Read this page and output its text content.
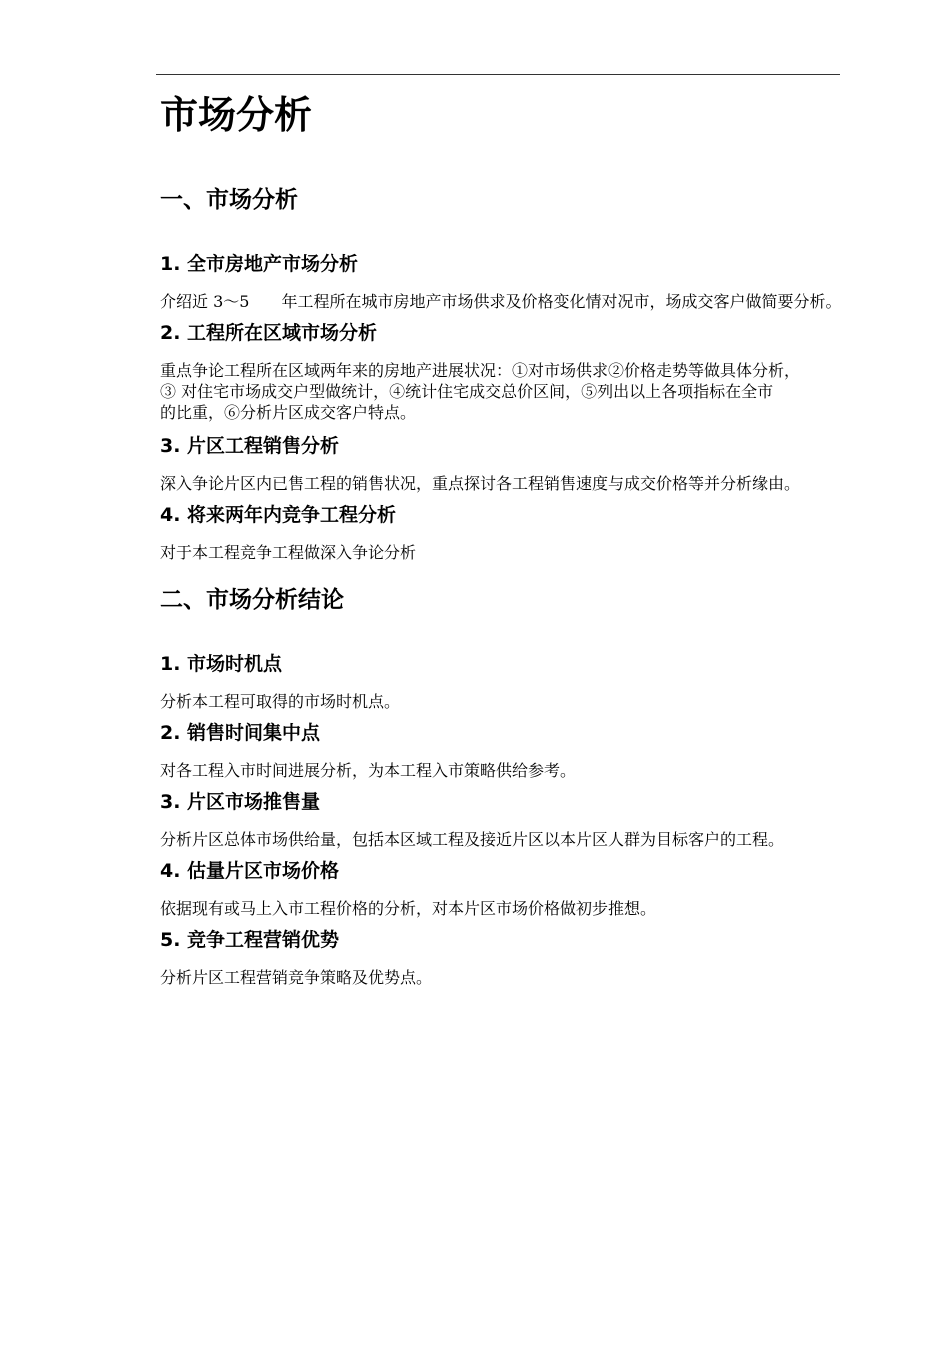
市场分析
一、市场分析
1. 全市房地产市场分析
介绍近 3～5　　年工程所在城市房地产市场供求及价格变化情对况市，场成交客户做简要分析。
2. 工程所在区域市场分析
重点争论工程所在区域两年来的房地产进展状况：①对市场供求②价格走势等做具体分析，
③ 对住宅市场成交户型做统计，④统计住宅成交总价区间，⑤列出以上各项指标在全市
的比重，⑥分析片区成交客户特点。
3. 片区工程销售分析
深入争论片区内已售工程的销售状况，重点探讨各工程销售速度与成交价格等并分析缘由。
4. 将来两年内竞争工程分析
对于本工程竞争工程做深入争论分析
二、市场分析结论
1. 市场时机点
分析本工程可取得的市场时机点。
2. 销售时间集中点
对各工程入市时间进展分析，为本工程入市策略供给参考。
3. 片区市场推售量
分析片区总体市场供给量，包括本区域工程及接近片区以本片区人群为目标客户的工程。
4. 估量片区市场价格
依据现有或马上入市工程价格的分析，对本片区市场价格做初步推想。
5. 竞争工程营销优势
分析片区工程营销竞争策略及优势点。
